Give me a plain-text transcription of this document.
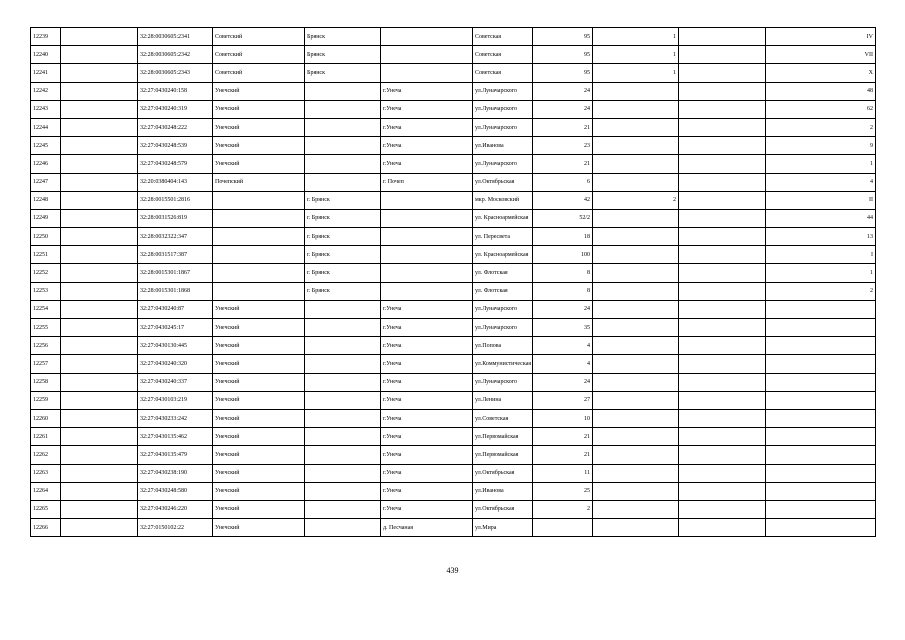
12239		32:28:0030605:2341	Советский	Брянск		Советская	95	1		IV
12240		32:28:0030605:2342	Советский	Брянск		Советская	95	1		VII
12241		32:28:0030605:2343	Советский	Брянск		Советская	95	1		X
12242		32:27:0430240:158	Унечский		г.Унеча	ул.Луначарского	24			48
12243		32:27:0430240:319	Унечский		г.Унеча	ул.Луначарского	24			62
12244		32:27:0430248:222	Унечский		г.Унеча	ул.Луначарского	21			2
12245		32:27:0430248:539	Унечский		г.Унеча	ул.Иванова	23			9
12246		32:27:0430248:579	Унечский		г.Унеча	ул.Луначарского	21			1
12247		32:20:0380404:143	Почепский		г. Почеп	ул.Октябрьская	6			4
12248		32:28:0015501:2816		г. Брянск		мкр. Московский	42	2		II
12249		32:28:0031526:819		г. Брянск		ул. Красноармейская	52/2			44
12250		32:28:0032322:347		г. Брянск		ул. Пересвета	18			13
12251		32:28:0031517:387		г. Брянск		ул. Красноармейская	100			I
12252		32:28:0015301:1867		г. Брянск		ул. Флотская	8			1
12253		32:28:0015301:1868		г. Брянск		ул. Флотская	8			2
12254		32:27:0430240:87	Унечский		г.Унеча	ул.Луначарского	24			
12255		32:27:0430245:17	Унечский		г.Унеча	ул.Луначарского	35			
12256		32:27:0430130:445	Унечский		г.Унеча	ул.Попова	4			
12257		32:27:0430240:320	Унечский		г.Унеча	ул.Коммунистическая	4			
12258		32:27:0430240:337	Унечский		г.Унеча	ул.Луначарского	24			
12259		32:27:0430103:219	Унечский		г.Унеча	ул.Ленина	27			
12260		32:27:0430233:242	Унечский		г.Унеча	ул.Советская	10			
12261		32:27:0430135:462	Унечский		г.Унеча	ул.Первомайская	21			
12262		32:27:0430135:479	Унечский		г.Унеча	ул.Первомайская	21			
12263		32:27:0430238:190	Унечский		г.Унеча	ул.Октябрьская	11			
12264		32:27:0430248:580	Унечский		г.Унеча	ул.Иванова	25			
12265		32:27:0430246:220	Унечский		г.Унеча	ул.Октябрьская	2			
12266		32:27:0150102:22	Унечский		д. Песчаная	ул.Мира				
439
